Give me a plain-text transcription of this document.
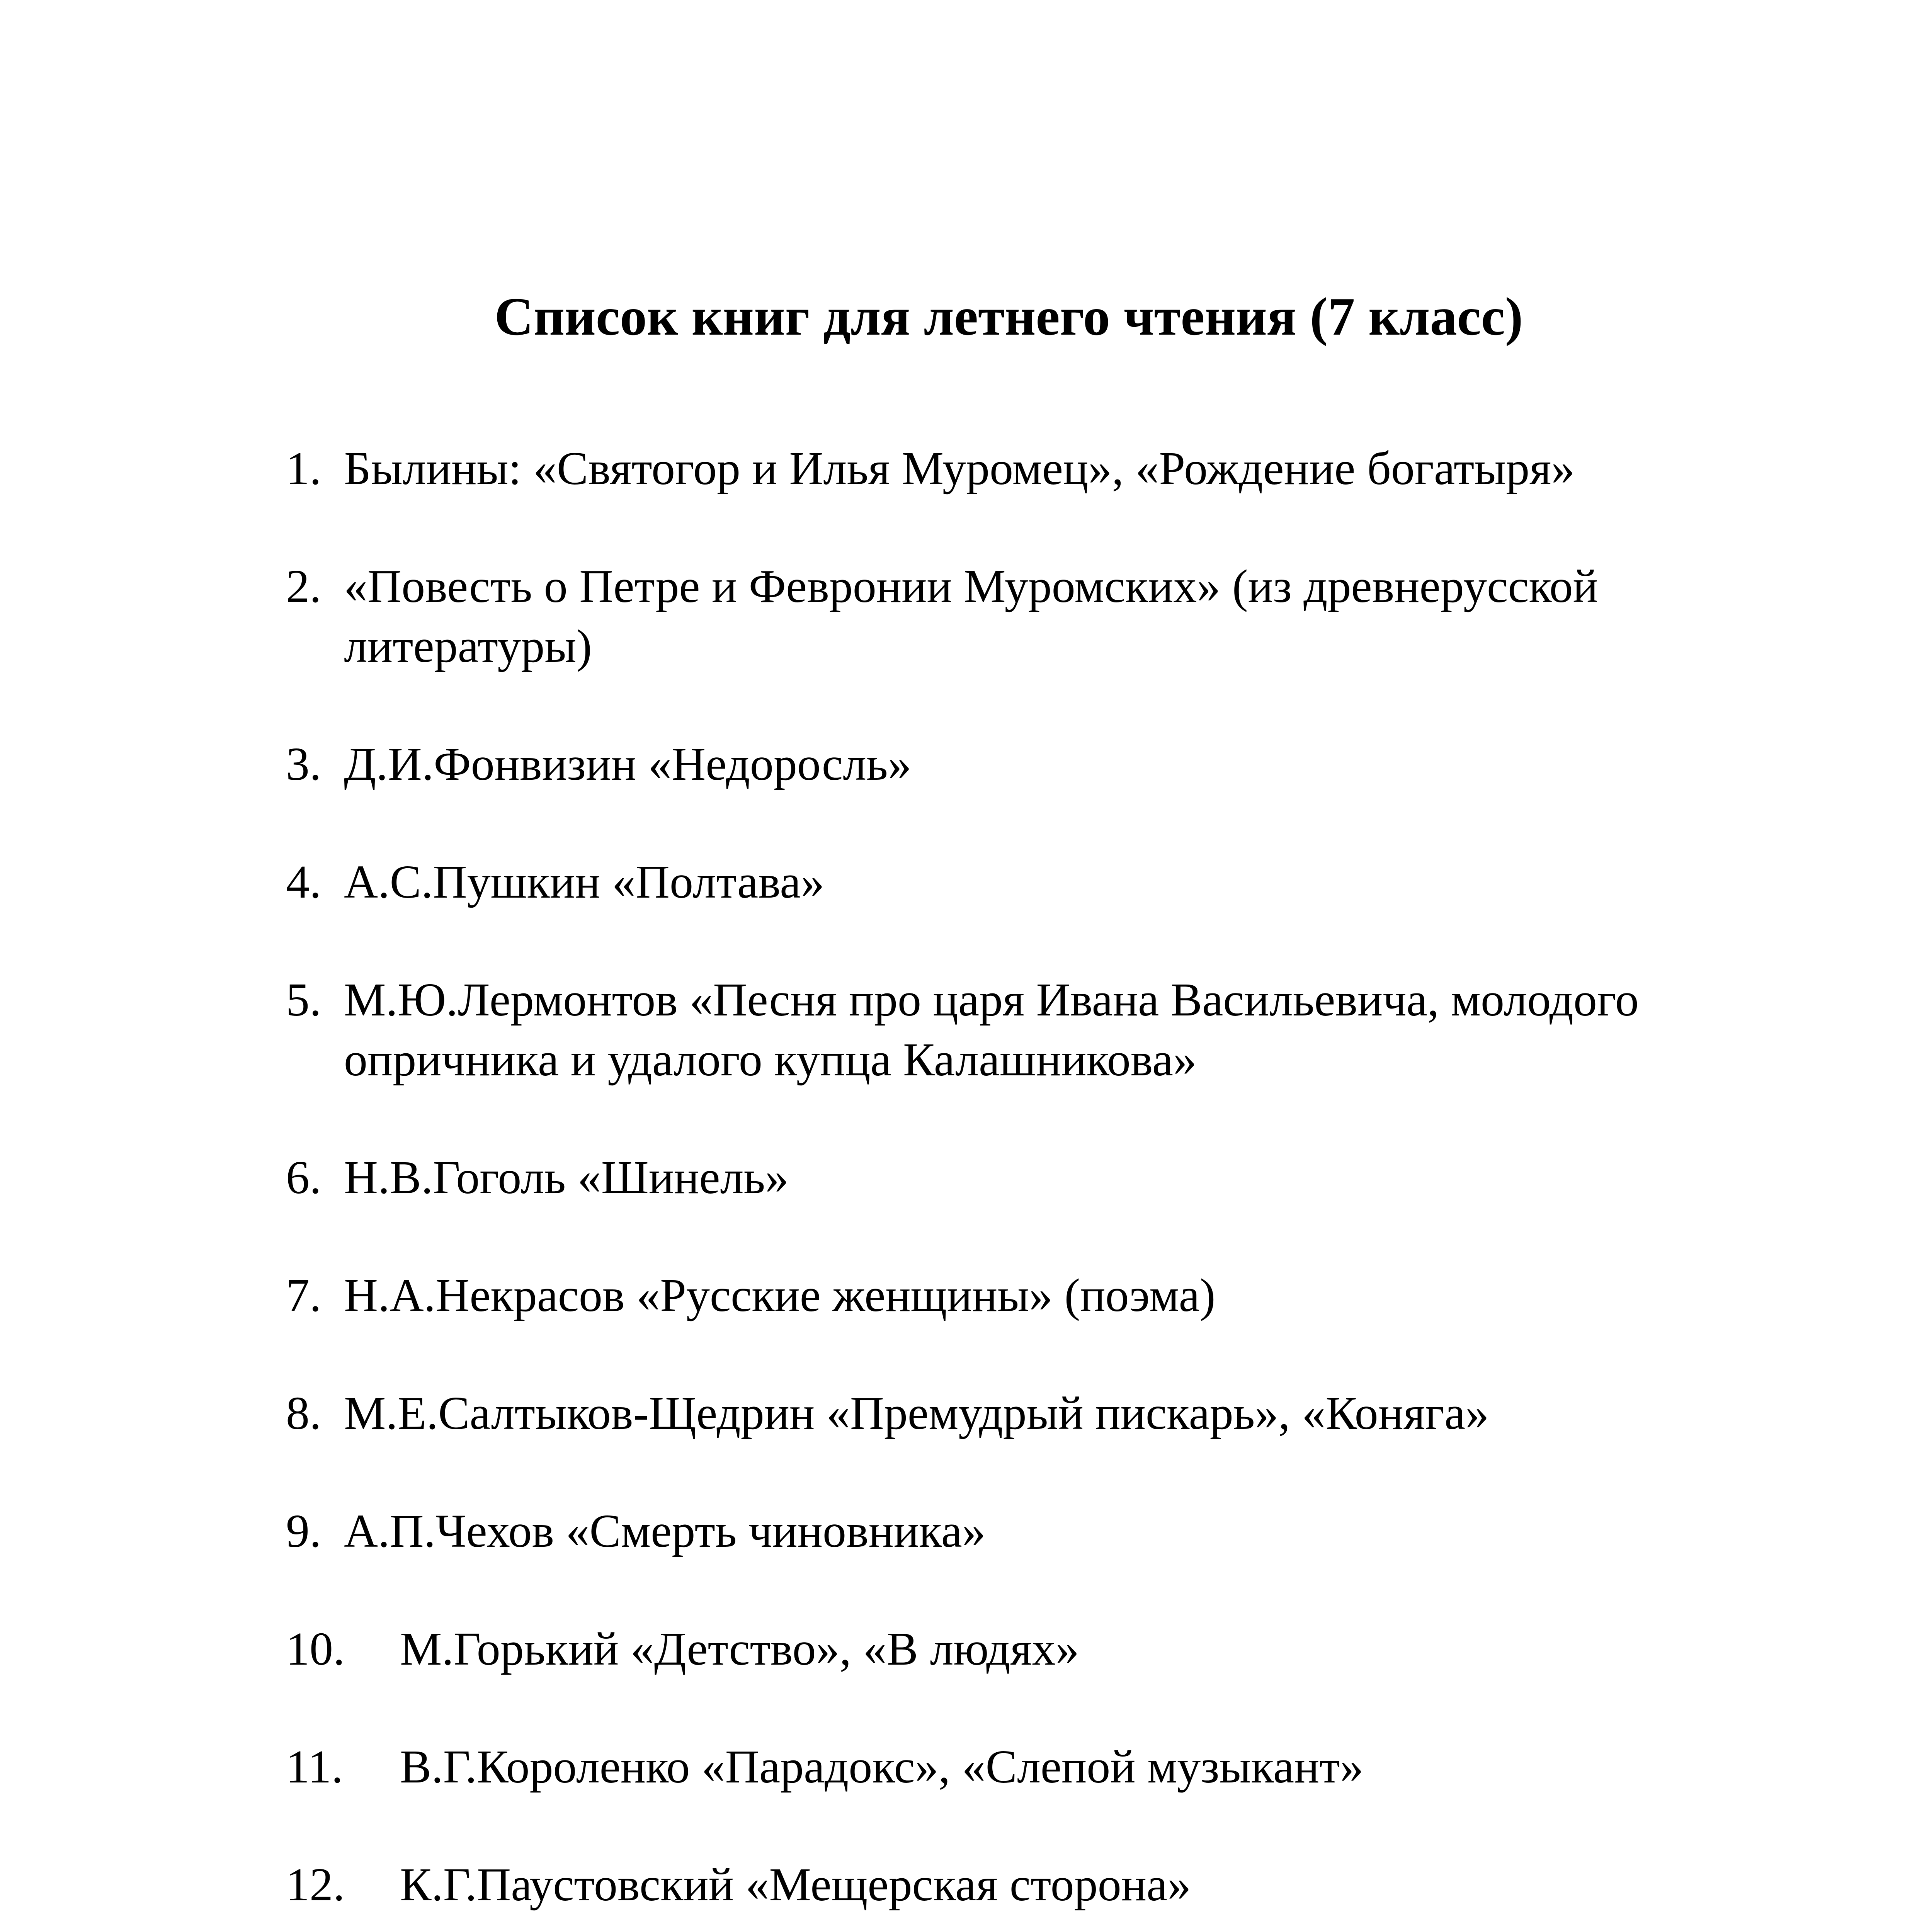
Список книг для летнего чтения (7 класс)
1. Былины: «Святогор и Илья Муромец», «Рождение богатыря»
2. «Повесть о Петре и Февронии Муромских» (из древнерусской
литературы)
3. Д.И.Фонвизин «Недоросль»
4. А.С.Пушкин «Полтава»
5. М.Ю.Лермонтов «Песня про царя Ивана Васильевича, молодого
опричника и удалого купца Калашникова»
6. Н.В.Гоголь «Шинель»
7. Н.А.Некрасов «Русские женщины» (поэма)
8. М.Е.Салтыков-Щедрин «Премудрый пискарь», «Коняга»
9. А.П.Чехов «Смерть чиновника»
10. М.Горький «Детство», «В людях»
11. В.Г.Короленко «Парадокс», «Слепой музыкант»
12. К.Г.Паустовский «Мещерская сторона»
